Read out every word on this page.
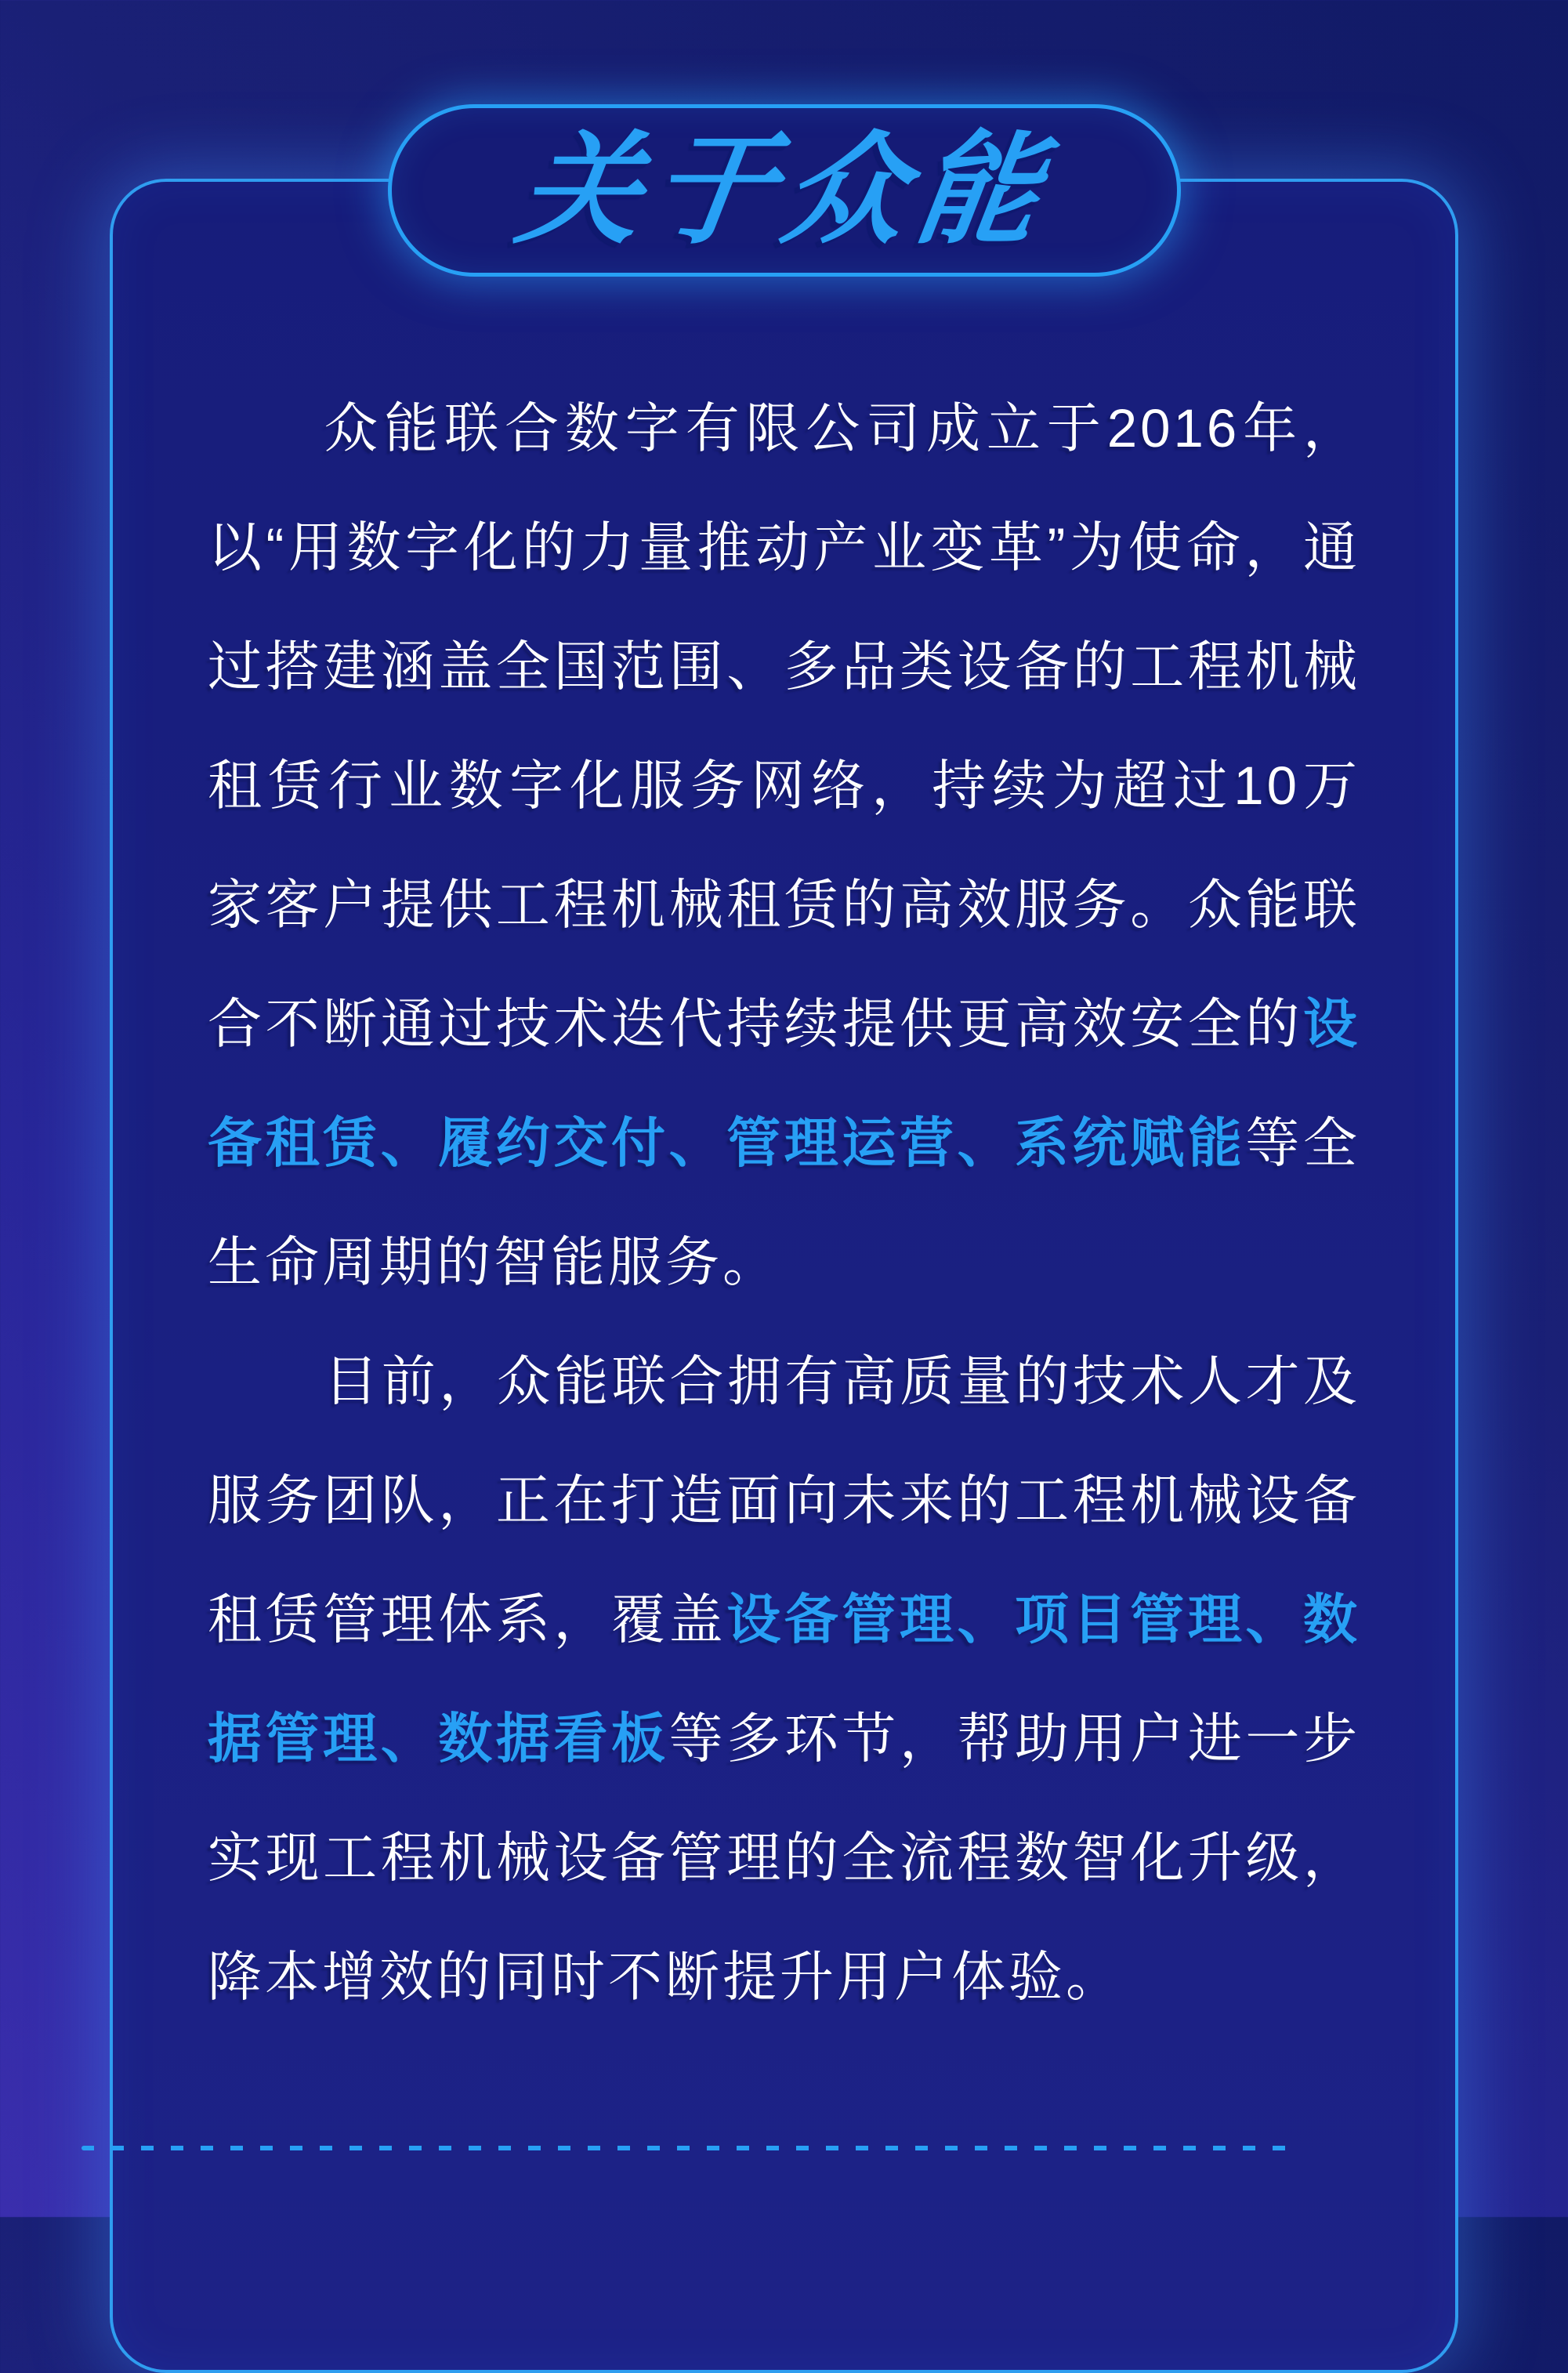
关于众能

众能联合数字有限公司成立于2016年，以“用数字化的力量推动产业变革”为使命，通过搭建涵盖全国范围、多品类设备的工程机械租赁行业数字化服务网络，持续为超过10万家客户提供工程机械租赁的高效服务。众能联合不断通过技术迭代持续提供更高效安全的设备租赁、履约交付、管理运营、系统赋能等全生命周期的智能服务。

目前，众能联合拥有高质量的技术人才及服务团队，正在打造面向未来的工程机械设备租赁管理体系，覆盖设备管理、项目管理、数据管理、数据看板等多环节，帮助用户进一步实现工程机械设备管理的全流程数智化升级，降本增效的同时不断提升用户体验。
